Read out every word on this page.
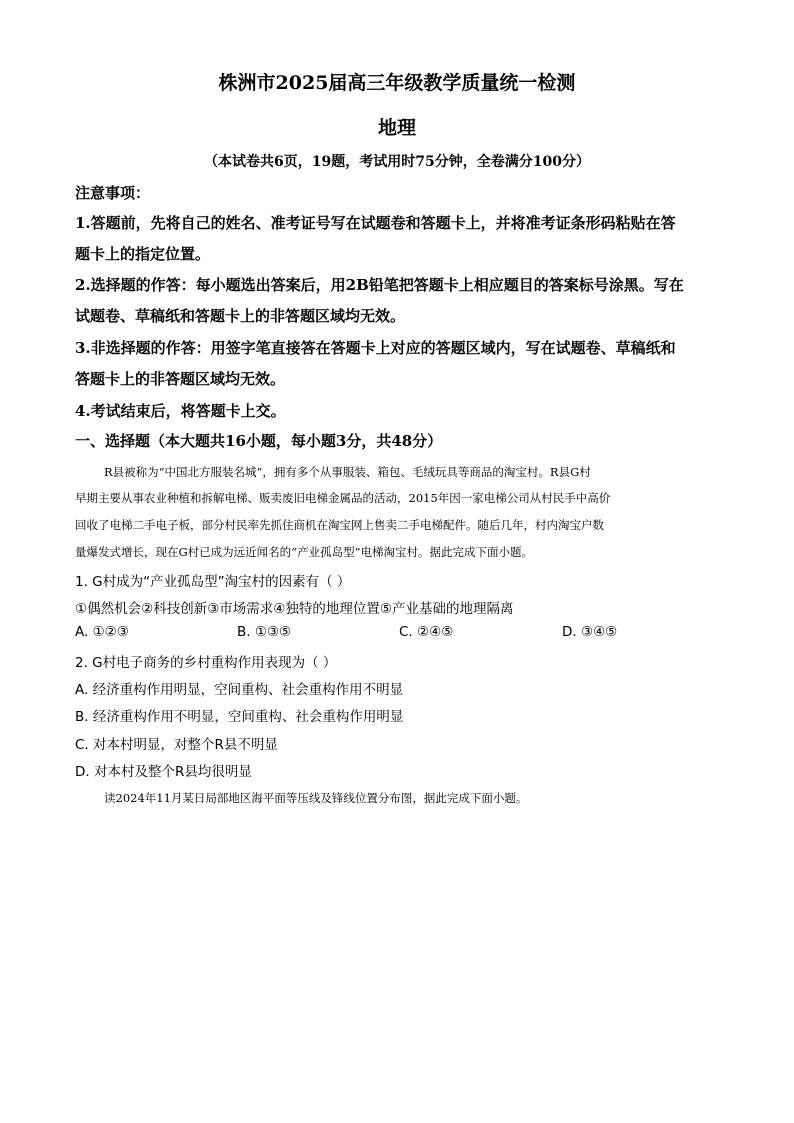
株洲市2025届高三年级教学质量统一检测
地理
（本试卷共6页，19题，考试用时75分钟，全卷满分100分）
注意事项：
1.答题前，先将自己的姓名、准考证号写在试题卷和答题卡上，并将准考证条形码粘贴在答
题卡上的指定位置。
2.选择题的作答：每小题选出答案后，用2B铅笔把答题卡上相应题目的答案标号涂黑。写在
试题卷、草稿纸和答题卡上的非答题区域均无效。
3.非选择题的作答：用签字笔直接答在答题卡上对应的答题区域内，写在试题卷、草稿纸和
答题卡上的非答题区域均无效。
4.考试结束后，将答题卡上交。
一、选择题（本大题共16小题，每小题3分，共48分）
R县被称为“中国北方服装名城”，拥有多个从事服装、箱包、毛绒玩具等商品的淘宝村。R县G村
早期主要从事农业种植和拆解电梯、贩卖废旧电梯金属品的活动，2015年因一家电梯公司从村民手中高价
回收了电梯二手电子板，部分村民率先抓住商机在淘宝网上售卖二手电梯配件。随后几年，村内淘宝户数
量爆发式增长，现在G村已成为远近闻名的“产业孤岛型”电梯淘宝村。据此完成下面小题。
1. G村成为“产业孤岛型”淘宝村的因素有（ ）
①偶然机会②科技创新③市场需求④独特的地理位置⑤产业基础的地理隔离
A. ①②③	B. ①③⑤	C. ②④⑤	D. ③④⑤
2. G村电子商务的乡村重构作用表现为（ ）
A. 经济重构作用明显，空间重构、社会重构作用不明显
B. 经济重构作用不明显，空间重构、社会重构作用明显
C. 对本村明显，对整个R县不明显
D. 对本村及整个R县均很明显
读2024年11月某日局部地区海平面等压线及锋线位置分布图，据此完成下面小题。
